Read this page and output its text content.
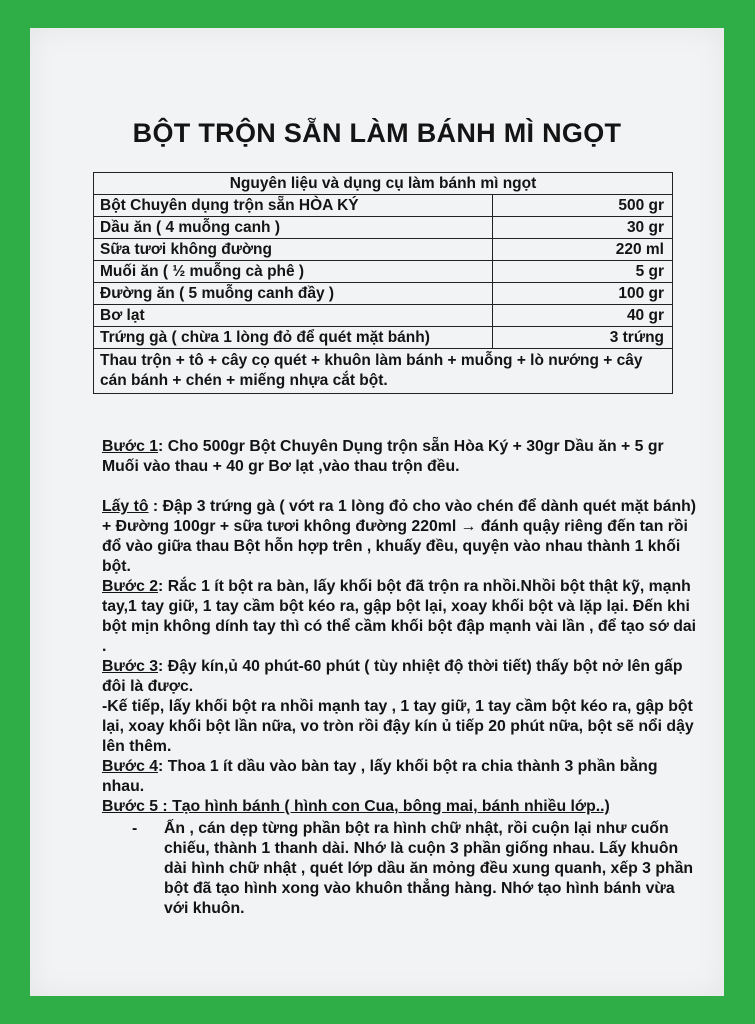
BỘT TRỘN SẴN LÀM BÁNH MÌ NGỌT
Nguyên liệu và dụng cụ làm bánh mì ngọt	
Bột Chuyên dụng trộn sẵn HÒA KÝ	500 gr
Dầu ăn ( 4 muỗng canh )	30 gr
Sữa tươi không đường	220 ml
Muối ăn ( ½ muỗng cà phê )	5 gr
Đường ăn ( 5 muỗng canh đầy )	100 gr
Bơ lạt	40 gr
Trứng gà ( chừa 1 lòng đỏ để quét mặt bánh)	3 trứng
Thau trộn + tô + cây cọ quét + khuôn làm bánh + muỗng + lò nướng + cây cán bánh + chén + miếng nhựa cắt bột.	

Bước 1: Cho 500gr Bột Chuyên Dụng trộn sẵn Hòa Ký + 30gr Dầu ăn + 5 gr Muối vào thau + 40 gr Bơ lạt ,vào thau trộn đều.

Lấy tô : Đập 3 trứng gà ( vớt ra 1 lòng đỏ cho vào chén để dành quét mặt bánh) + Đường 100gr + sữa tươi không đường 220ml → đánh quậy riêng đến tan rồi đổ vào giữa thau Bột hỗn hợp trên , khuấy đều, quyện vào nhau thành 1 khối bột.

Bước 2: Rắc 1 ít bột ra bàn, lấy khối bột đã trộn ra nhồi.Nhồi bột thật kỹ, mạnh tay,1 tay giữ, 1 tay cầm bột kéo ra, gập bột lại, xoay khối bột và lặp lại. Đến khi bột mịn không dính tay thì có thể cầm khối bột đập mạnh vài lần , để tạo sớ dai .

Bước 3: Đậy kín,ủ 40 phút-60 phút ( tùy nhiệt độ thời tiết) thấy bột nở lên gấp đôi là được.

-Kế tiếp, lấy khối bột ra nhồi mạnh tay , 1 tay giữ, 1 tay cầm bột kéo ra, gập bột lại, xoay khối bột lần nữa, vo tròn rồi đậy kín ủ tiếp 20 phút nữa, bột sẽ nổi dậy lên thêm.

Bước 4: Thoa 1 ít dầu vào bàn tay , lấy khối bột ra chia thành 3 phần bằng nhau.

Bước 5 : Tạo hình bánh ( hình con Cua, bông mai, bánh nhiều lớp..)

-	Ấn , cán dẹp từng phần bột ra hình chữ nhật, rồi cuộn lại như cuốn chiếu, thành 1 thanh dài. Nhớ là cuộn 3 phần giống nhau. Lấy khuôn dài hình chữ nhật , quét lớp dầu ăn mỏng đều xung quanh, xếp 3 phần bột đã tạo hình xong vào khuôn thẳng hàng. Nhớ tạo hình bánh vừa với khuôn.
